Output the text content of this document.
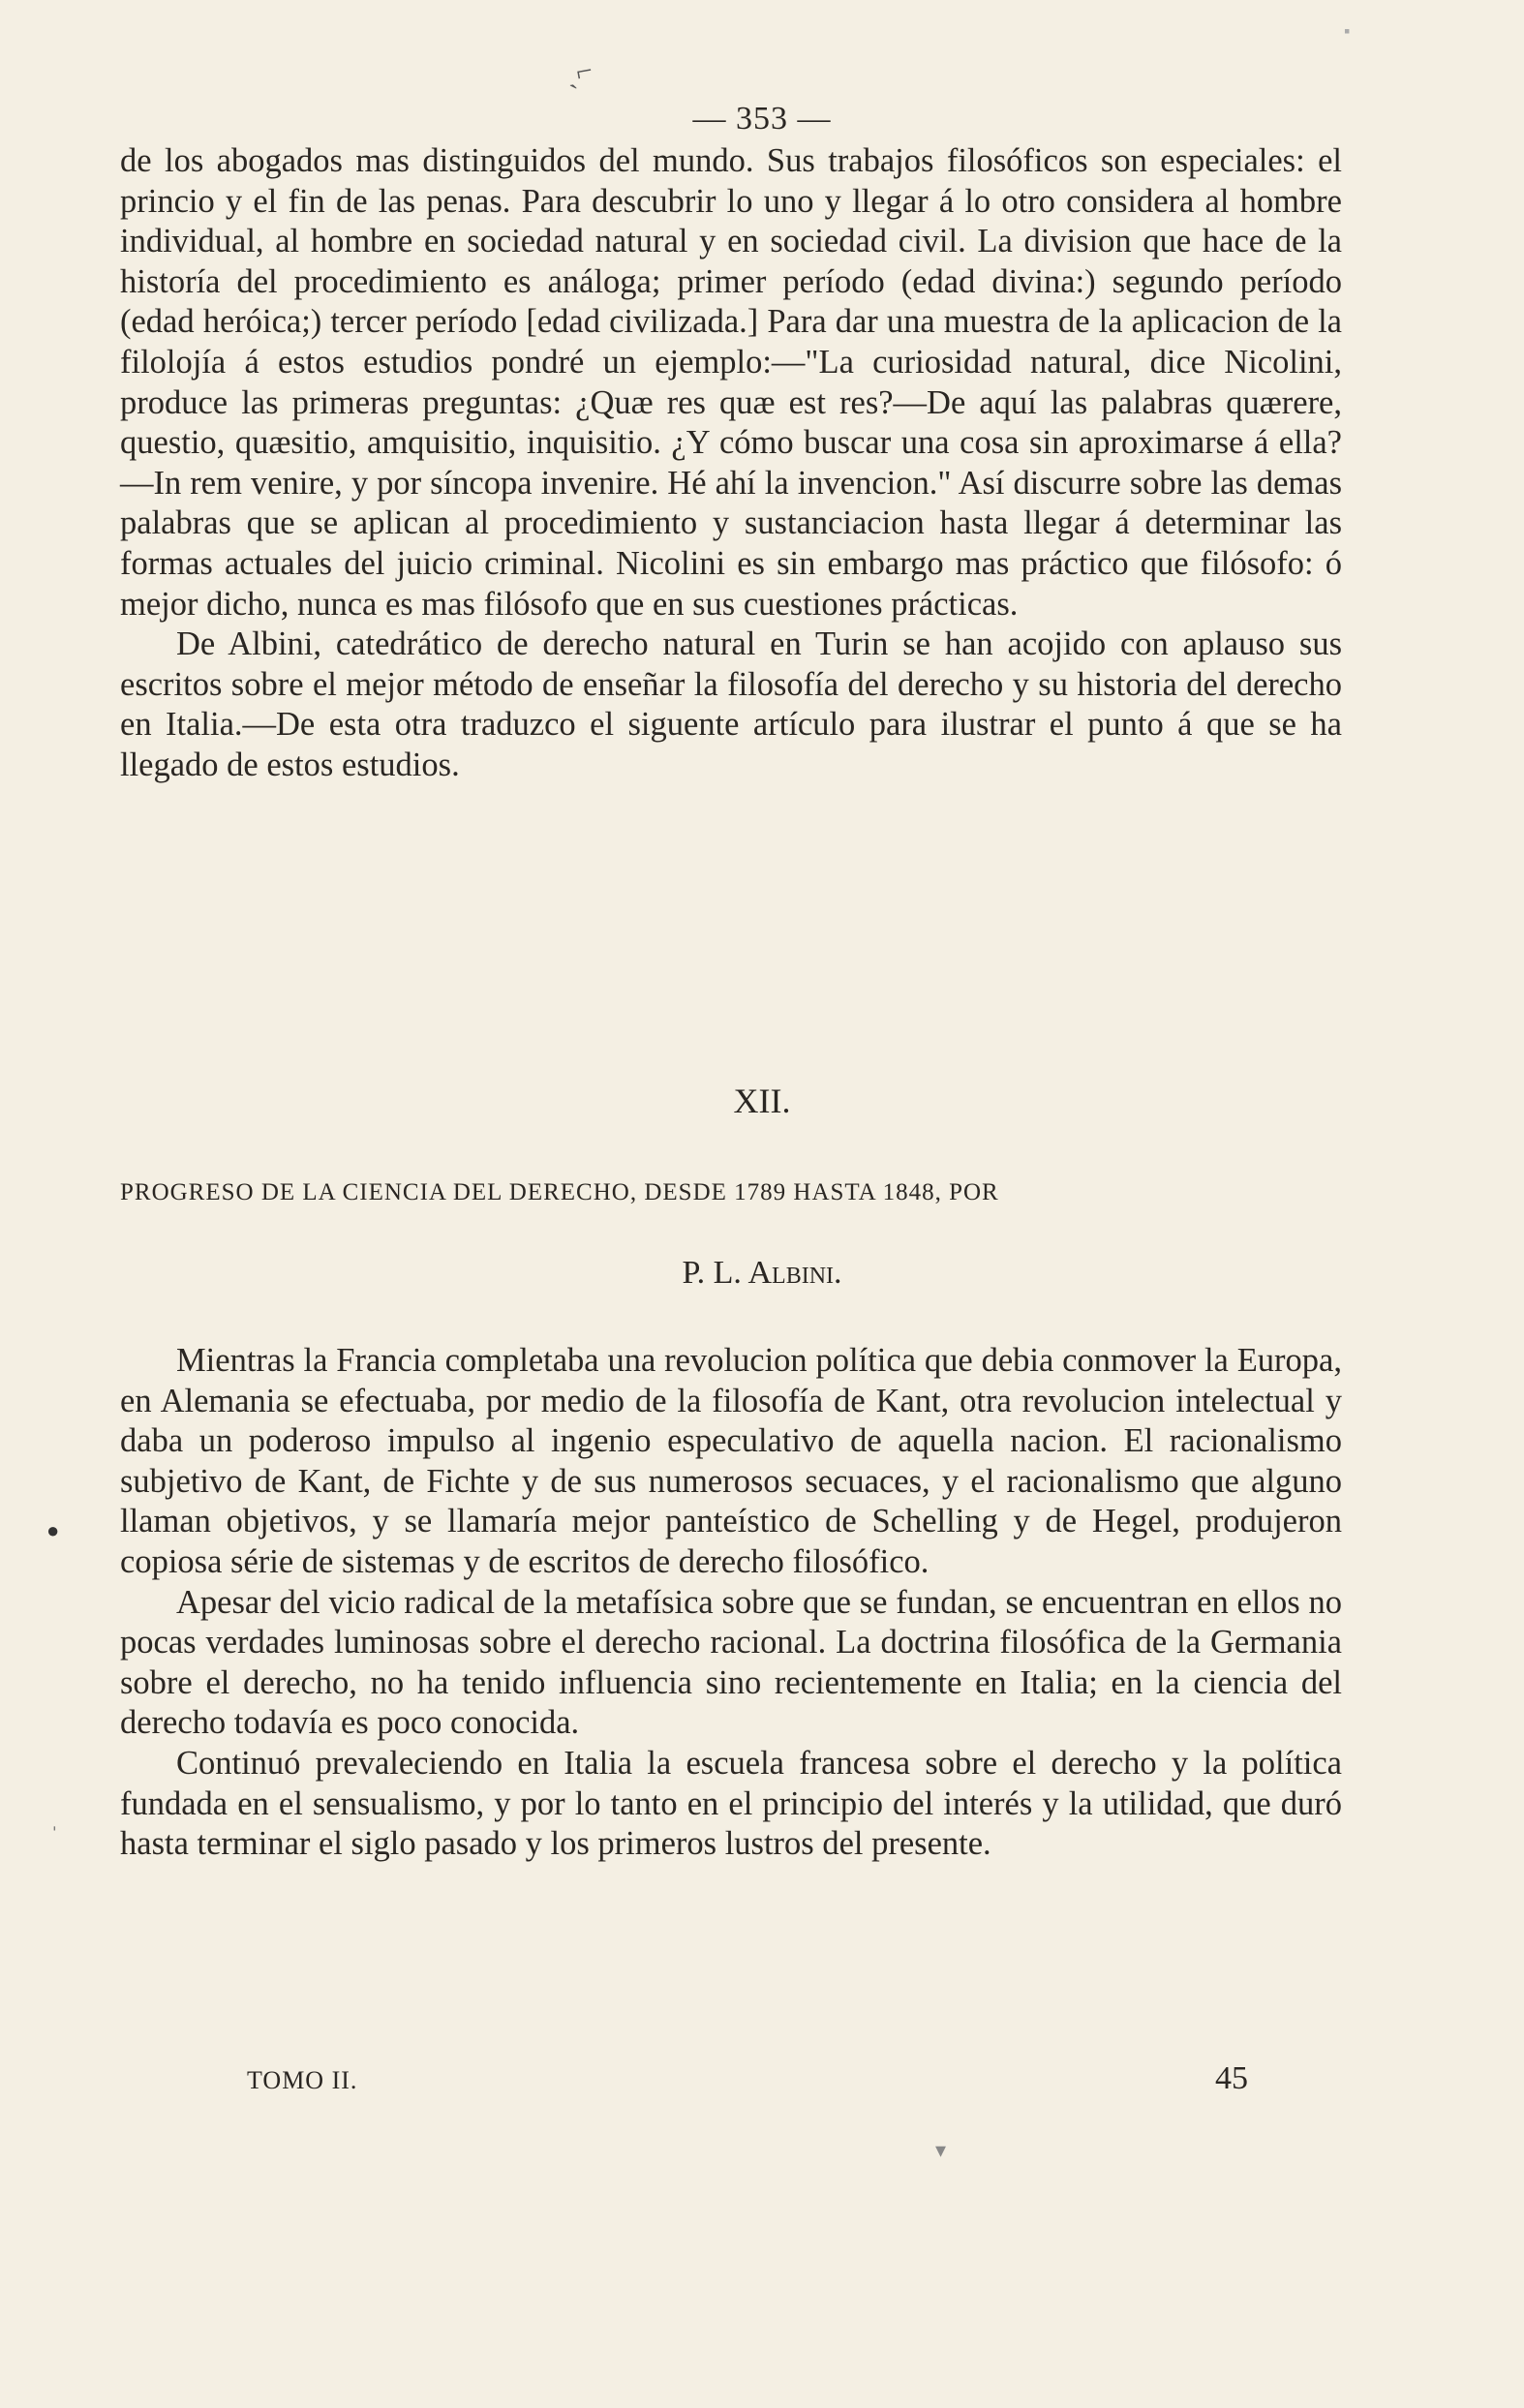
ˎ⌐
▪
●
ˌ
▾
— 353 —

de los abogados mas distinguidos del mundo. Sus trabajos filosóficos son especiales: el princio y el fin de las penas. Para descubrir lo uno y llegar á lo otro considera al hombre individual, al hombre en sociedad natural y en sociedad civil. La division que hace de la historía del procedimiento es análoga; primer período (edad divina:) segundo período (edad heróica;) tercer período [edad civilizada.] Para dar una muestra de la aplicacion de la filolojía á estos estudios pondré un ejemplo:—"La curiosidad natural, dice Nicolini, produce las primeras preguntas: ¿Quæ res quæ est res?—De aquí las palabras quærere, questio, quæsitio, amquisitio, inquisitio. ¿Y cómo buscar una cosa sin aproximarse á ella?—In rem venire, y por síncopa invenire. Hé ahí la invencion." Así discurre sobre las demas palabras que se aplican al procedimiento y sustanciacion hasta llegar á determinar las formas actuales del juicio criminal. Nicolini es sin embargo mas práctico que filósofo: ó mejor dicho, nunca es mas filósofo que en sus cuestiones prácticas.

De Albini, catedrático de derecho natural en Turin se han acojido con aplauso sus escritos sobre el mejor método de enseñar la filosofía del derecho y su historia del derecho en Italia.—De esta otra traduzco el siguente artículo para ilustrar el punto á que se ha llegado de estos estudios.

XII.
PROGRESO DE LA CIENCIA DEL DERECHO, DESDE 1789 HASTA 1848, POR
P. L. Albini.

Mientras la Francia completaba una revolucion política que debia conmover la Europa, en Alemania se efectuaba, por medio de la filosofía de Kant, otra revolucion intelectual y daba un poderoso impulso al ingenio especulativo de aquella nacion. El racionalismo subjetivo de Kant, de Fichte y de sus numerosos secuaces, y el racionalismo que alguno llaman objetivos, y se llamaría mejor panteístico de Schelling y de Hegel, produjeron copiosa série de sistemas y de escritos de derecho filosófico.

Apesar del vicio radical de la metafísica sobre que se fundan, se encuentran en ellos no pocas verdades luminosas sobre el derecho racional. La doctrina filosófica de la Germania sobre el derecho, no ha tenido influencia sino recientemente en Italia; en la ciencia del derecho todavía es poco conocida.

Continuó prevaleciendo en Italia la escuela francesa sobre el derecho y la política fundada en el sensualismo, y por lo tanto en el principio del interés y la utilidad, que duró hasta terminar el siglo pasado y los primeros lustros del presente.

TOMO II.	45
